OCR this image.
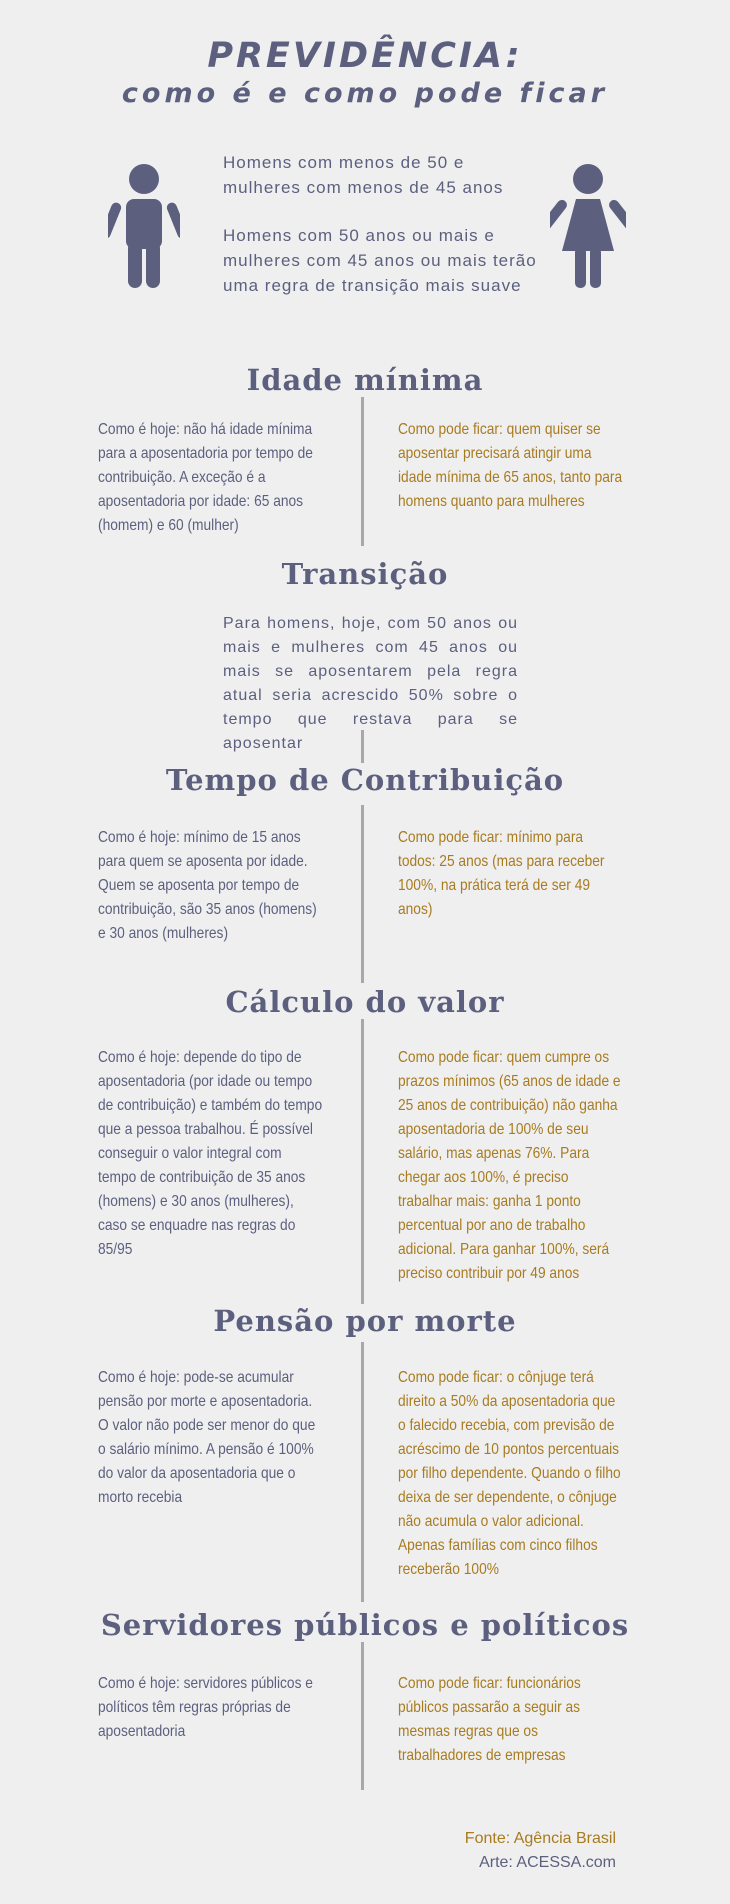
PREVIDÊNCIA:
como é e como pode ficar
Homens com menos de 50 e mulheres com menos de 45 anos
Homens com 50 anos ou mais e mulheres com 45 anos ou mais terão uma regra de transição mais suave
Idade mínima
Como é hoje: não há idade mínima para a aposentadoria por tempo de contribuição. A exceção é a aposentadoria por idade: 65 anos (homem) e 60 (mulher)
Como pode ficar: quem quiser se aposentar precisará atingir uma idade mínima de 65 anos, tanto para homens quanto para mulheres
Transição
Para homens, hoje, com 50 anos ou mais e mulheres com 45 anos ou mais se aposentarem pela regra atual seria acrescido 50% sobre o tempo que restava para se aposentar
Tempo de Contribuição
Como é hoje: mínimo de 15 anos para quem se aposenta por idade. Quem se aposenta por tempo de contribuição, são 35 anos (homens) e 30 anos (mulheres)
Como pode ficar: mínimo para todos: 25 anos (mas para receber 100%, na prática terá de ser 49 anos)
Cálculo do valor
Como é hoje: depende do tipo de aposentadoria (por idade ou tempo de contribuição) e também do tempo que a pessoa trabalhou. É possível conseguir o valor integral com tempo de contribuição de 35 anos (homens) e 30 anos (mulheres), caso se enquadre nas regras do 85/95
Como pode ficar: quem cumpre os prazos mínimos (65 anos de idade e 25 anos de contribuição) não ganha aposentadoria de 100% de seu salário, mas apenas 76%. Para chegar aos 100%, é preciso trabalhar mais: ganha 1 ponto percentual por ano de trabalho adicional. Para ganhar 100%, será preciso contribuir por 49 anos
Pensão por morte
Como é hoje: pode-se acumular pensão por morte e aposentadoria. O valor não pode ser menor do que o salário mínimo. A pensão é 100% do valor da aposentadoria que o morto recebia
Como pode ficar: o cônjuge terá direito a 50% da aposentadoria que o falecido recebia, com previsão de acréscimo de 10 pontos percentuais por filho dependente. Quando o filho deixa de ser dependente, o cônjuge não acumula o valor adicional. Apenas famílias com cinco filhos receberão 100%
Servidores públicos e políticos
Como é hoje: servidores públicos e políticos têm regras próprias de aposentadoria
Como pode ficar: funcionários públicos passarão a seguir as mesmas regras que os trabalhadores de empresas
Fonte: Agência Brasil
Arte: ACESSA.com
